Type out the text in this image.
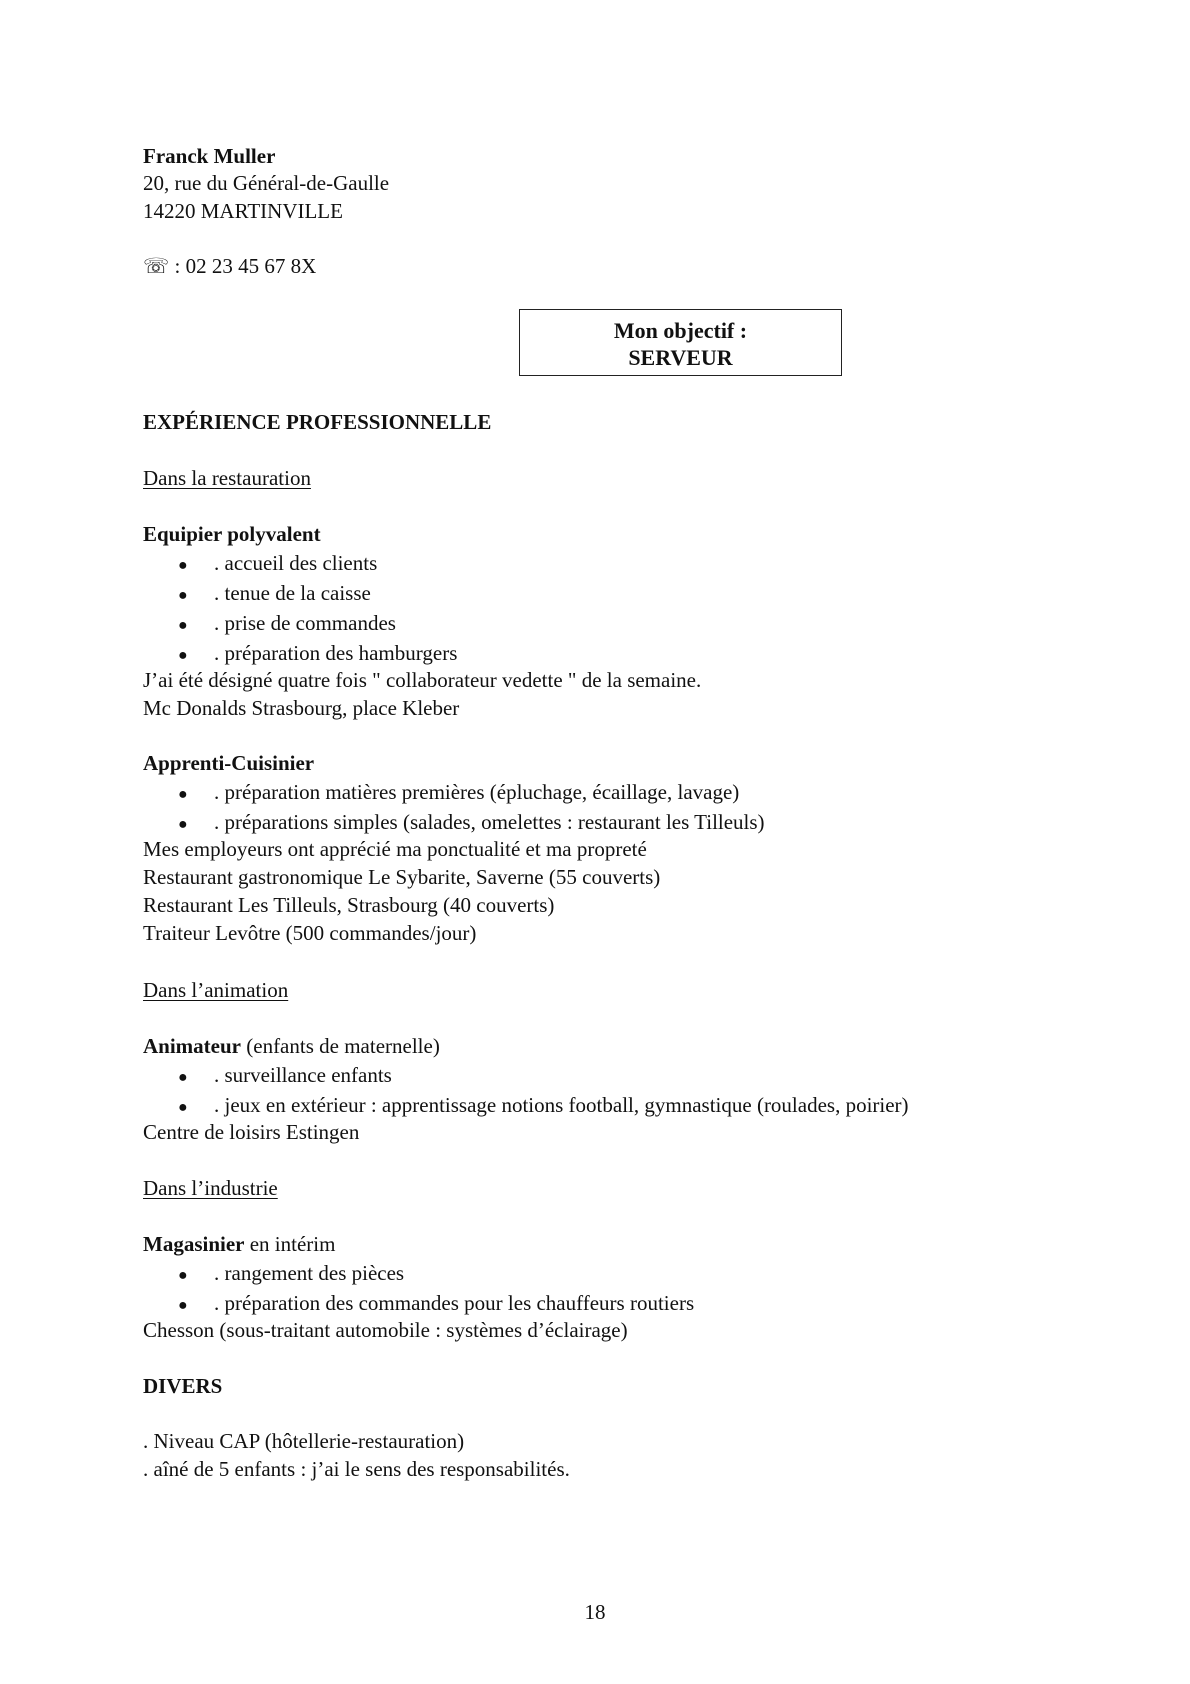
Franck Muller
20, rue du Général-de-Gaulle
14220 MARTINVILLE
☏ : 02 23 45 67 8X
Mon objectif :
SERVEUR
EXPÉRIENCE PROFESSIONNELLE
Dans la restauration
Equipier polyvalent
● . accueil des clients
● . tenue de la caisse
● . prise de commandes
● . préparation des hamburgers
J’ai été désigné quatre fois " collaborateur vedette " de la semaine.
Mc Donalds Strasbourg, place Kleber
Apprenti-Cuisinier
● . préparation matières premières (épluchage, écaillage, lavage)
● . préparations simples (salades, omelettes : restaurant les Tilleuls)
Mes employeurs ont apprécié ma ponctualité et ma propreté
Restaurant gastronomique Le Sybarite, Saverne (55 couverts)
Restaurant Les Tilleuls, Strasbourg (40 couverts)
Traiteur Levôtre (500 commandes/jour)
Dans l’animation
Animateur (enfants de maternelle)
● . surveillance enfants
● . jeux en extérieur : apprentissage notions football, gymnastique (roulades, poirier)
Centre de loisirs Estingen
Dans l’industrie
Magasinier en intérim
● . rangement des pièces
● . préparation des commandes pour les chauffeurs routiers
Chesson (sous-traitant automobile : systèmes d’éclairage)
DIVERS
. Niveau CAP (hôtellerie-restauration)
. aîné de 5 enfants : j’ai le sens des responsabilités.
18
